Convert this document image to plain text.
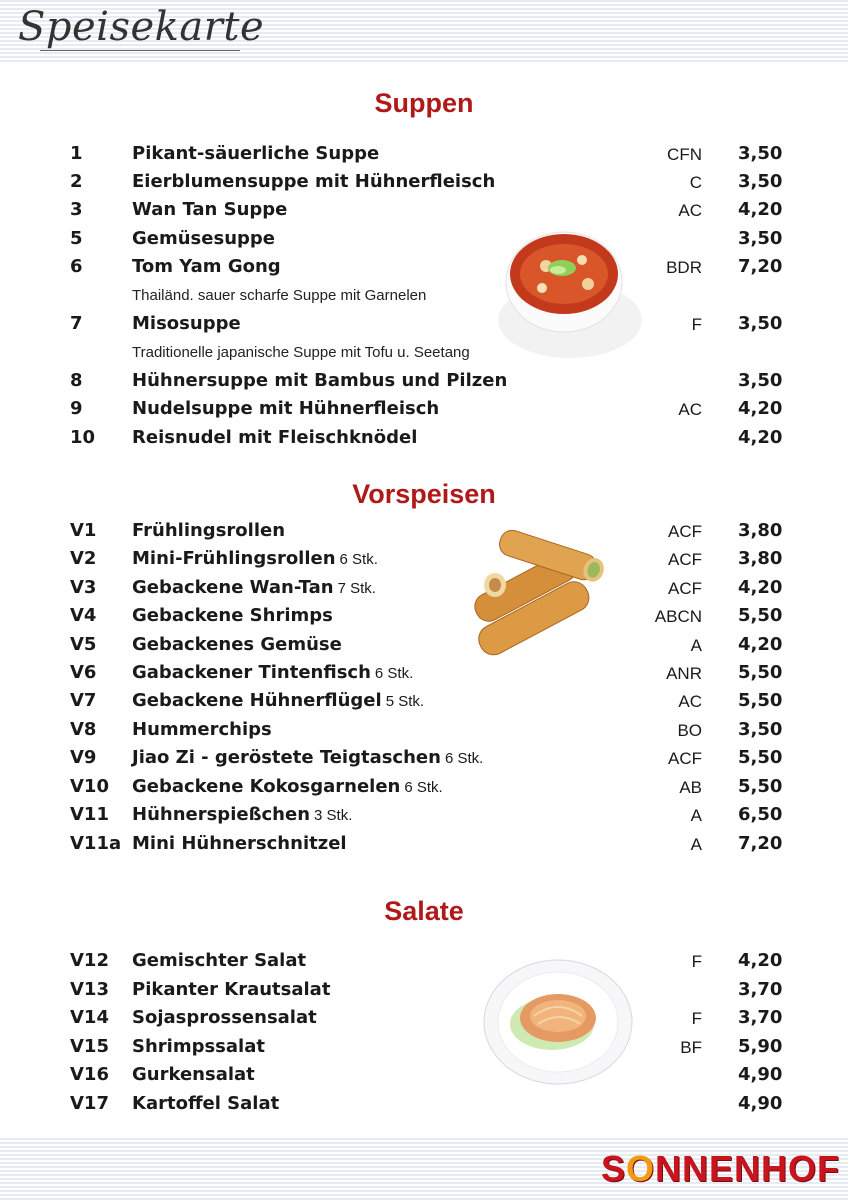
Speisekarte
Suppen
Vorspeisen
Salate
1	Pikant-säuerliche Suppe	CFN 3,50
2	Eierblumensuppe mit Hühnerfleisch	C 3,50
3	Wan Tan Suppe	AC 4,20
5	Gemüsesuppe	3,50
6	Tom Yam Gong	BDR 7,20
Thailänd. sauer scharfe Suppe mit Garnelen
7	Misosuppe	F 3,50
Traditionelle japanische Suppe mit Tofu u. Seetang
8	Hühnersuppe mit Bambus und Pilzen	3,50
9	Nudelsuppe mit Hühnerfleisch	AC 4,20
10 Reisnudel mit Fleischknödel	4,20
V1 Frühlingsrollen	ACF 3,80
V2 Mini-Frühlingsrollen 6 Stk.	ACF 3,80
V3 Gebackene Wan-Tan 7 Stk.	ACF 4,20
V4 Gebackene Shrimps	ABCN 5,50
V5 Gebackenes Gemüse	A 4,20
V6 Gabackener Tintenfisch 6 Stk.	ANR 5,50
V7 Gebackene Hühnerflügel 5 Stk.	AC 5,50
V8 Hummerchips	BO 3,50
V9 Jiao Zi - geröstete Teigtaschen 6 Stk.	ACF 5,50
V10 Gebackene Kokosgarnelen 6 Stk.	AB 5,50
V11 Hühnerspießchen 3 Stk.	A 6,50
V11a Mini Hühnerschnitzel	A 7,20
V12 Gemischter Salat	F 4,20
V13 Pikanter Krautsalat	3,70
V14 Sojasprossensalat	F 3,70
V15 Shrimpssalat	BF 5,90
V16 Gurkensalat	4,90
V17 Kartoffel Salat	4,90
SONNENHOF
